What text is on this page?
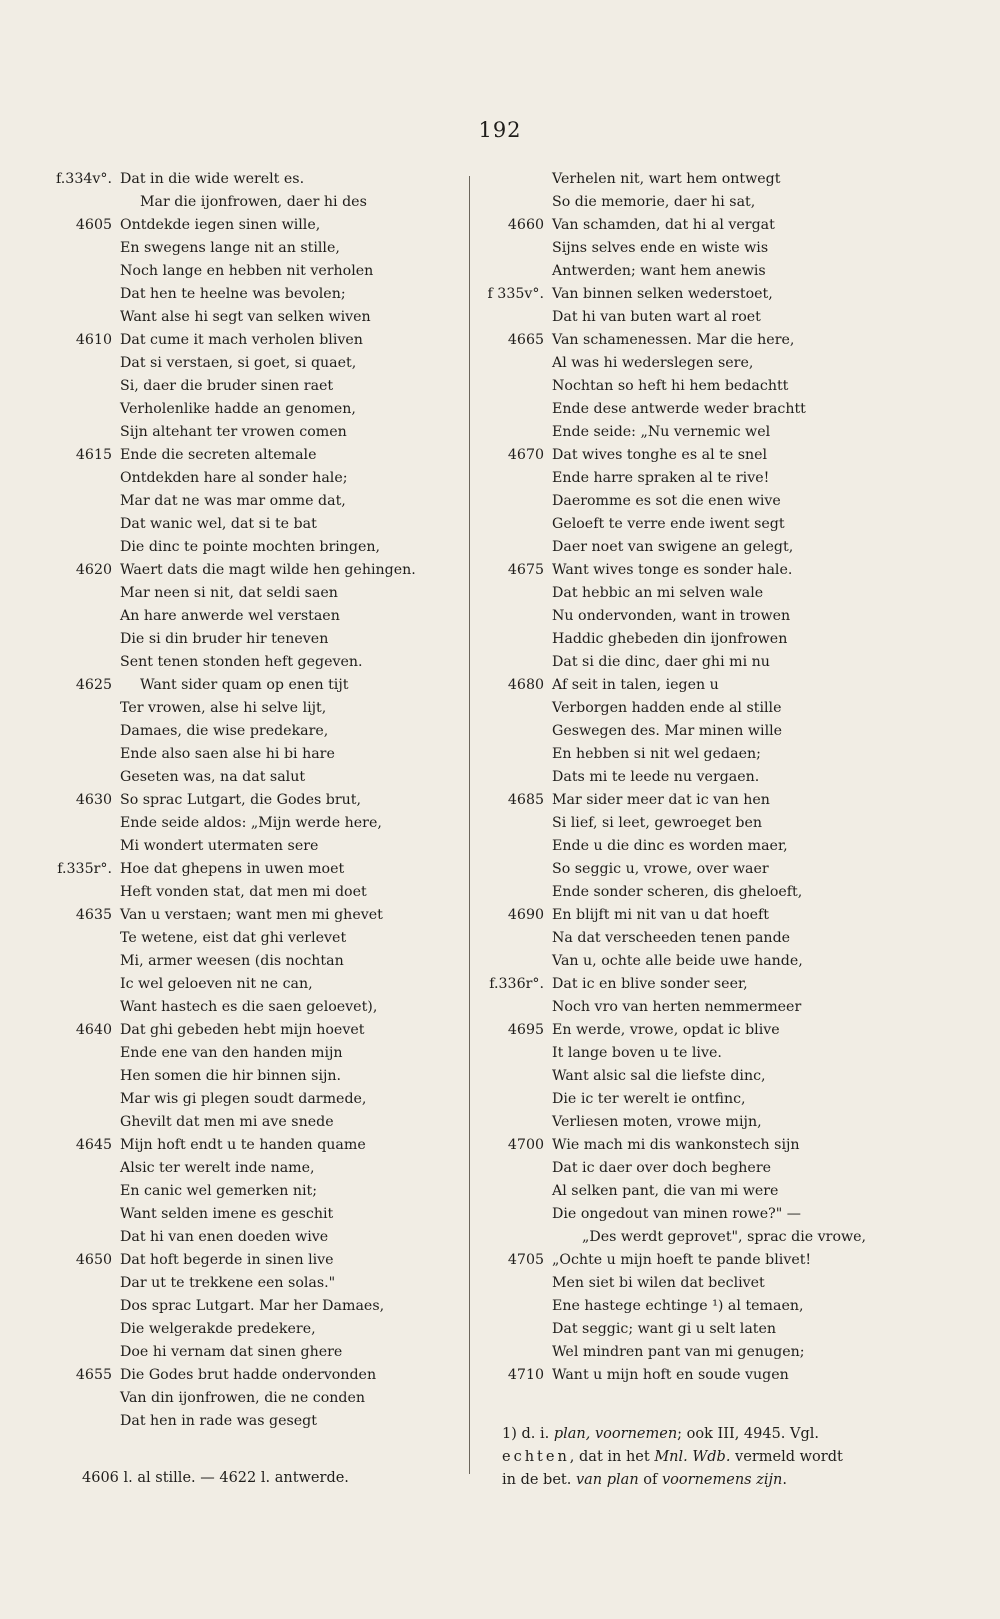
192
f.334v°. Dat in die wide werelt es.
Mar die ijonfrowen, daer hi des
4605 Ontdekde iegen sinen wille,
En swegens lange nit an stille,
Noch lange en hebben nit verholen
Dat hen te heelne was bevolen;
Want alse hi segt van selken wiven
4610 Dat cume it mach verholen bliven
Dat si verstaen, si goet, si quaet,
Si, daer die bruder sinen raet
Verholenlike hadde an genomen,
Sijn altehant ter vrowen comen
4615 Ende die secreten altemale
Ontdekden hare al sonder hale;
Mar dat ne was mar omme dat,
Dat wanic wel, dat si te bat
Die dinc te pointe mochten bringen,
4620 Waert dats die magt wilde hen gehingen.
Mar neen si nit, dat seldi saen
An hare anwerde wel verstaen
Die si din bruder hir teneven
Sent tenen stonden heft gegeven.
4625 Want sider quam op enen tijt
Ter vrowen, alse hi selve lijt,
Damaes, die wise predekare,
Ende also saen alse hi bi hare
Geseten was, na dat salut
4630 So sprac Lutgart, die Godes brut,
Ende seide aldos: „Mijn werde here,
Mi wondert utermaten sere
f.335r°. Hoe dat ghepens in uwen moet
Heft vonden stat, dat men mi doet
4635 Van u verstaen; want men mi ghevet
Te wetene, eist dat ghi verlevet
Mi, armer weesen (dis nochtan
Ic wel geloeven nit ne can,
Want hastech es die saen geloevet),
4640 Dat ghi gebeden hebt mijn hoevet
Ende ene van den handen mijn
Hen somen die hir binnen sijn.
Mar wis gi plegen soudt darmede,
Ghevilt dat men mi ave snede
4645 Mijn hoft endt u te handen quame
Alsic ter werelt inde name,
En canic wel gemerken nit;
Want selden imene es geschit
Dat hi van enen doeden wive
4650 Dat hoft begerde in sinen live
Dar ut te trekkene een solas."
Dos sprac Lutgart. Mar her Damaes,
Die welgerakde predekere,
Doe hi vernam dat sinen ghere
4655 Die Godes brut hadde ondervonden
Van din ijonfrowen, die ne conden
Dat hen in rade was gesegt
Verhelen nit, wart hem ontwegt
So die memorie, daer hi sat,
4660 Van schamden, dat hi al vergat
Sijns selves ende en wiste wis
Antwerden; want hem anewis
f 335v°. Van binnen selken wederstoet,
Dat hi van buten wart al roet
4665 Van schamenessen. Mar die here,
Al was hi wederslegen sere,
Nochtan so heft hi hem bedachtt
Ende dese antwerde weder brachtt
Ende seide: „Nu vernemic wel
4670 Dat wives tonghe es al te snel
Ende harre spraken al te rive!
Daeromme es sot die enen wive
Geloeft te verre ende iwent segt
Daer noet van swigene an gelegt,
4675 Want wives tonge es sonder hale.
Dat hebbic an mi selven wale
Nu ondervonden, want in trowen
Haddic ghebeden din ijonfrowen
Dat si die dinc, daer ghi mi nu
4680 Af seit in talen, iegen u
Verborgen hadden ende al stille
Geswegen des. Mar minen wille
En hebben si nit wel gedaen;
Dats mi te leede nu vergaen.
4685 Mar sider meer dat ic van hen
Si lief, si leet, gewroeget ben
Ende u die dinc es worden maer,
So seggic u, vrowe, over waer
Ende sonder scheren, dis gheloeft,
4690 En blijft mi nit van u dat hoeft
Na dat verscheeden tenen pande
Van u, ochte alle beide uwe hande,
f.336r°. Dat ic en blive sonder seer,
Noch vro van herten nemmermeer
4695 En werde, vrowe, opdat ic blive
It lange boven u te live.
Want alsic sal die liefste dinc,
Die ic ter werelt ie ontfinc,
Verliesen moten, vrowe mijn,
4700 Wie mach mi dis wankonstech sijn
Dat ic daer over doch beghere
Al selken pant, die van mi were
Die ongedout van minen rowe?" —
„Des werdt geprovet", sprac die vrowe,
4705 „Ochte u mijn hoeft te pande blivet!
Men siet bi wilen dat beclivet
Ene hastege echtinge ¹) al temaen,
Dat seggic; want gi u selt laten
Wel mindren pant van mi genugen;
4710 Want u mijn hoft en soude vugen
4606 l. al stille. — 4622 l. antwerde.
1) d. i. plan, voornemen; ook III, 4945. Vgl.
echten, dat in het Mnl. Wdb. vermeld wordt
in de bet. van plan of voornemens zijn.
